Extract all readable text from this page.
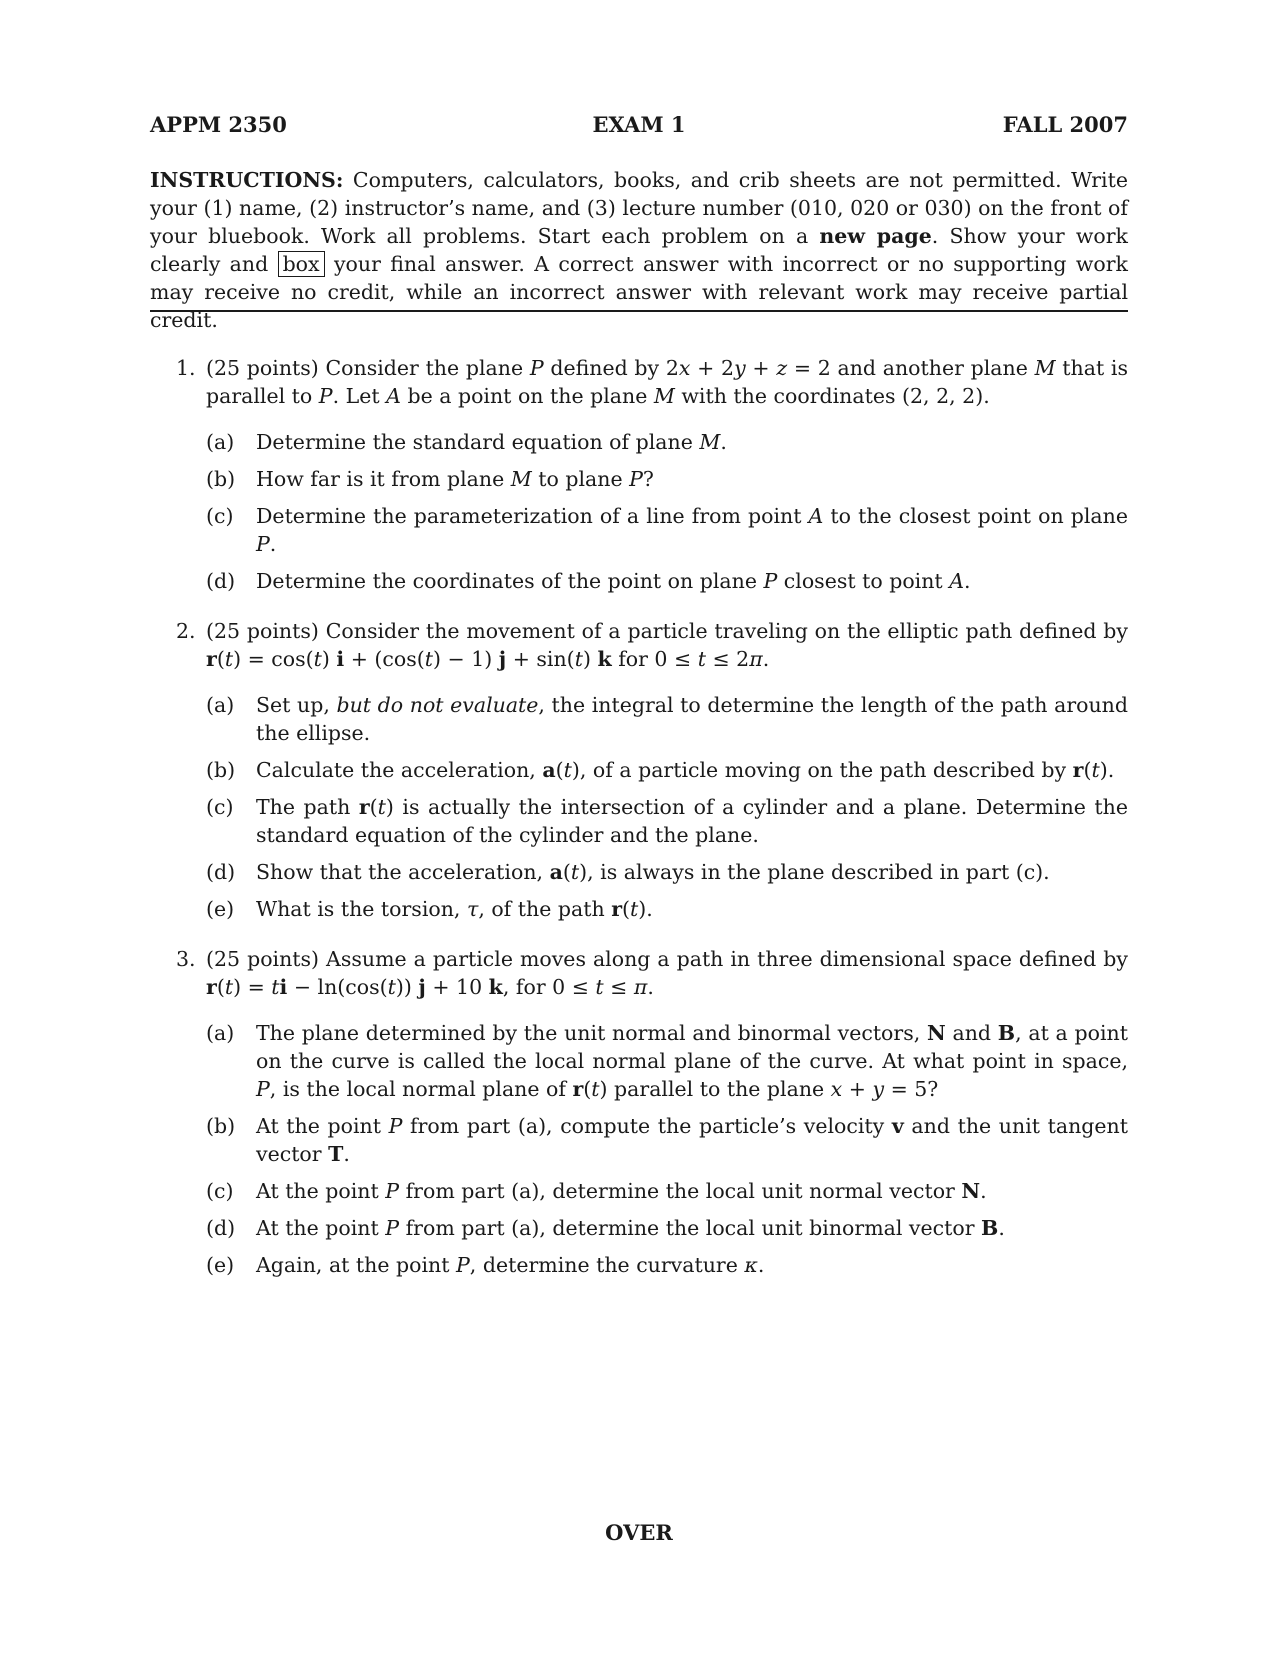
APPM 2350	EXAM 1	FALL 2007
INSTRUCTIONS: Computers, calculators, books, and crib sheets are not permitted. Write your (1) name, (2) instructor’s name, and (3) lecture number (010, 020 or 030) on the front of your bluebook. Work all problems. Start each problem on a new page. Show your work clearly and box your final answer. A correct answer with incorrect or no supporting work may receive no credit, while an incorrect answer with relevant work may receive partial credit.
1. (25 points) Consider the plane P defined by 2x + 2y + z = 2 and another plane M that is parallel to P. Let A be a point on the plane M with the coordinates (2, 2, 2).

(a) Determine the standard equation of plane M.
(b) How far is it from plane M to plane P?
(c) Determine the parameterization of a line from point A to the closest point on plane P.
(d) Determine the coordinates of the point on plane P closest to point A.
2. (25 points) Consider the movement of a particle traveling on the elliptic path defined by r(t) = cos(t) i + (cos(t) − 1) j + sin(t) k for 0 ≤ t ≤ 2π.

(a) Set up, but do not evaluate, the integral to determine the length of the path around the ellipse.
(b) Calculate the acceleration, a(t), of a particle moving on the path described by r(t).
(c) The path r(t) is actually the intersection of a cylinder and a plane. Determine the standard equation of the cylinder and the plane.
(d) Show that the acceleration, a(t), is always in the plane described in part (c).
(e) What is the torsion, τ, of the path r(t).
3. (25 points) Assume a particle moves along a path in three dimensional space defined by r(t) = ti − ln(cos(t)) j + 10 k, for 0 ≤ t ≤ π.

(a) The plane determined by the unit normal and binormal vectors, N and B, at a point on the curve is called the local normal plane of the curve. At what point in space, P, is the local normal plane of r(t) parallel to the plane x + y = 5?
(b) At the point P from part (a), compute the particle’s velocity v and the unit tangent vector T.
(c) At the point P from part (a), determine the local unit normal vector N.
(d) At the point P from part (a), determine the local unit binormal vector B.
(e) Again, at the point P, determine the curvature κ.
OVER
